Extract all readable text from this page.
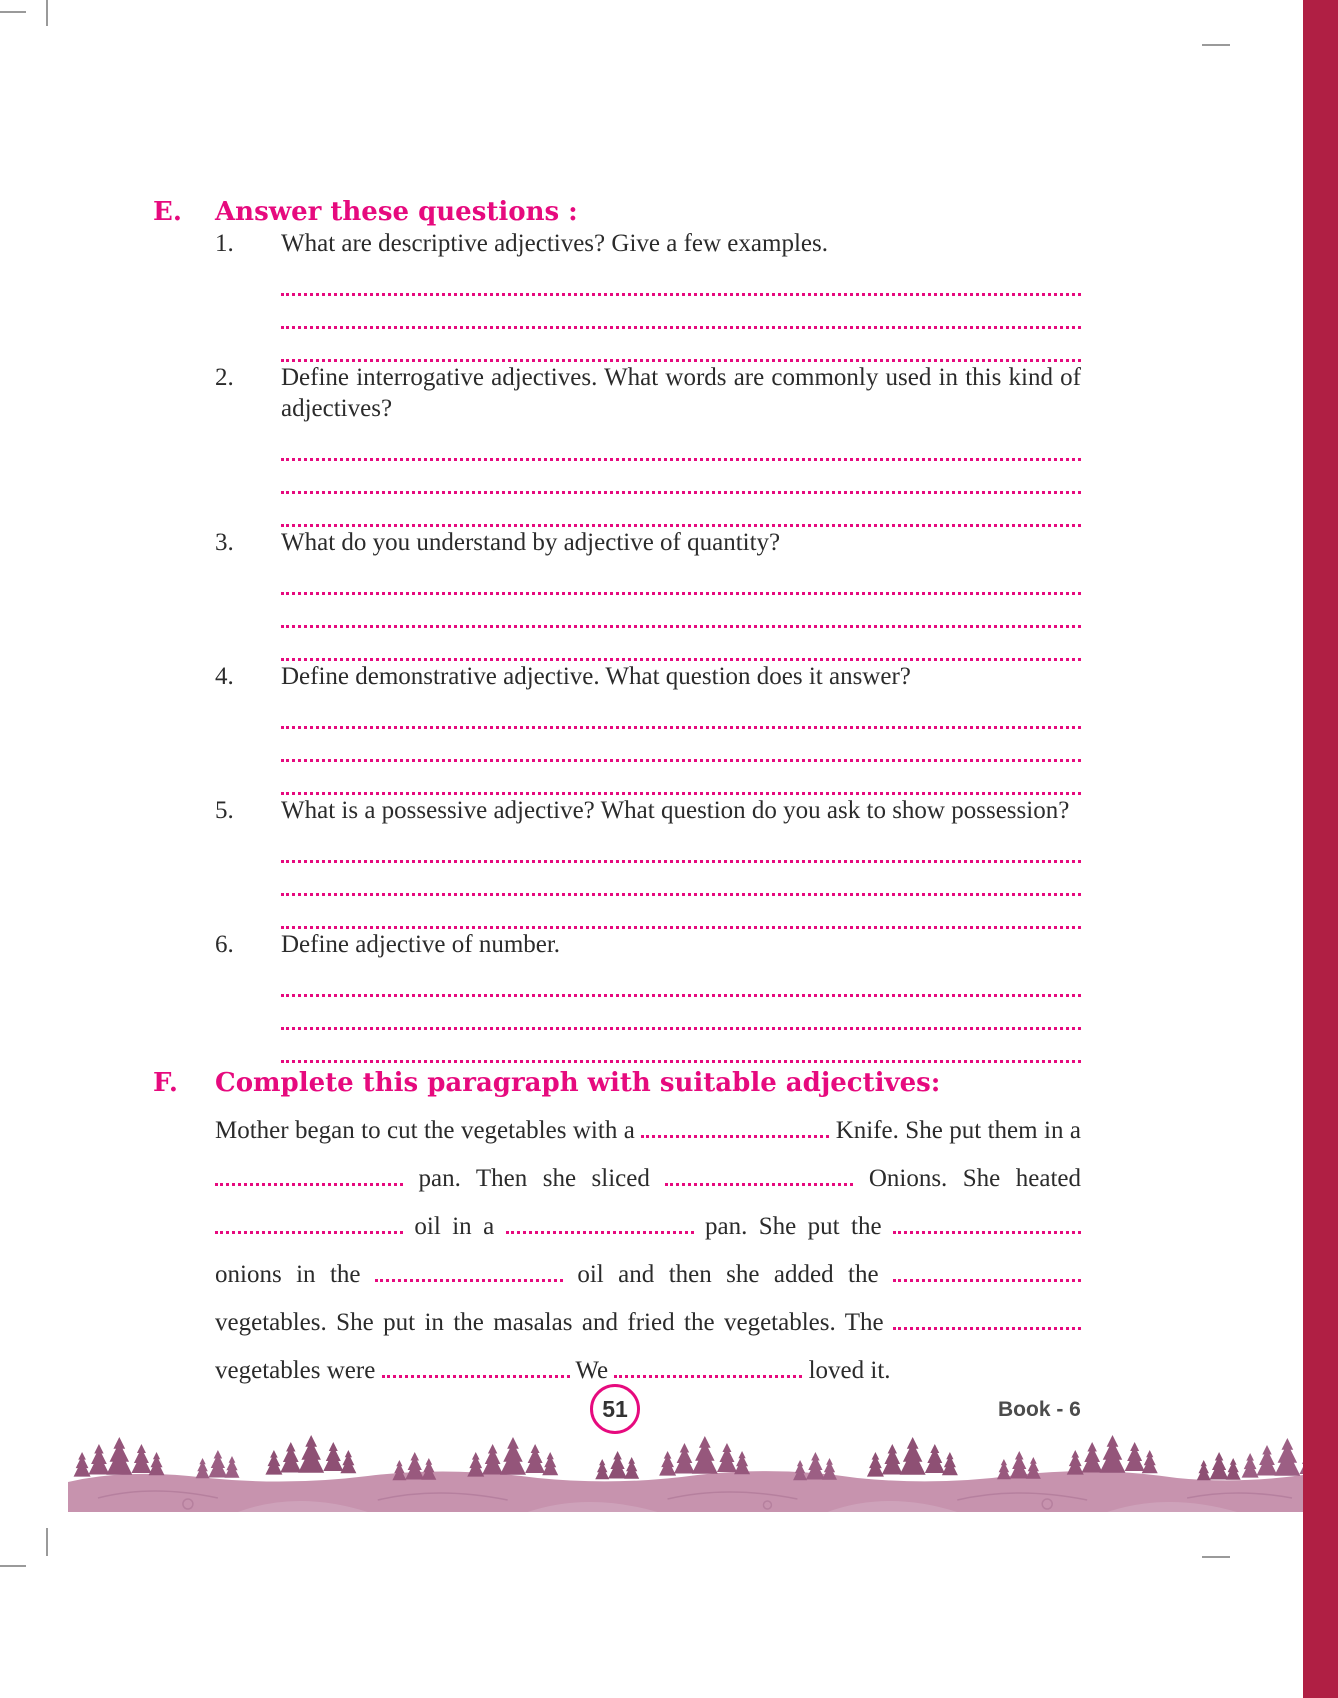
E.	Answer these questions :
1.	What are descriptive adjectives? Give a few examples.

2.	Define interrogative adjectives. What words are commonly used in this kind of adjectives?

3.	What do you understand by adjective of quantity?

4.	Define demonstrative adjective. What question does it answer?

5.	What is a possessive adjective? What question do you ask to show possession?

6.	Define adjective of number.

F.	Complete this paragraph with suitable adjectives:

Mother began to cut the vegetables with a	Knife. She put them in a  pan. Then she sliced	Onions. She heated  oil in a	pan. She put the  onions in the	oil and then she added the  vegetables. She put in the masalas and fried the vegetables. The  vegetables were	We	loved it.

51	Book - 6
